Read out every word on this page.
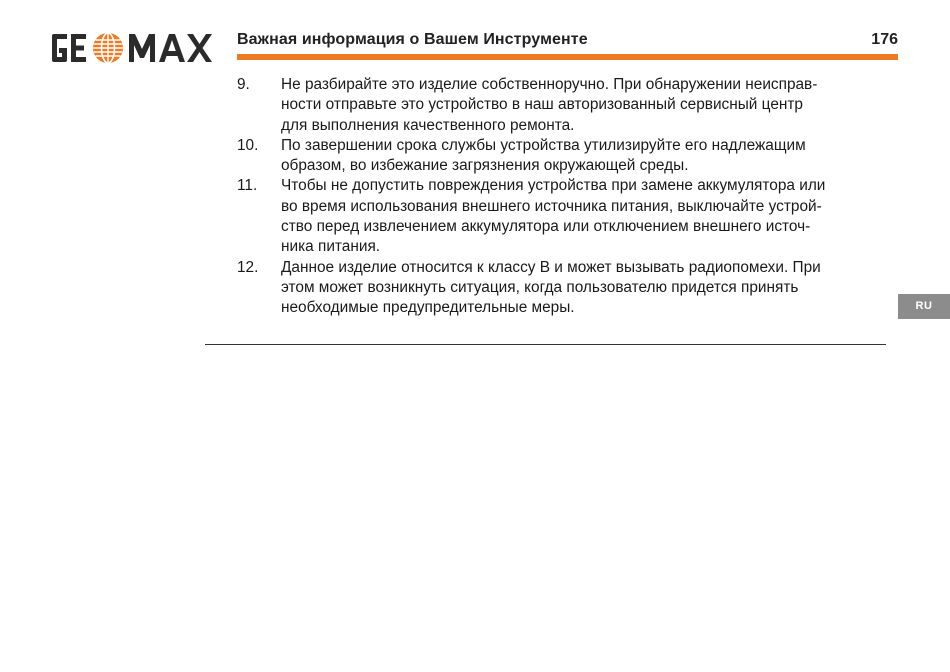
Важная информация о Вашем Инструменте	176
9.	Не разбирайте это изделие собственноручно. При обнаружении неисправ-
ности отправьте это устройство в наш авторизованный сервисный центр
для выполнения качественного ремонта.
10.	По завершении срока службы устройства утилизируйте его надлежащим
образом, во избежание загрязнения окружающей среды.
11.	Чтобы не допустить повреждения устройства при замене аккумулятора или
во время использования внешнего источника питания, выключайте устрой-
ство перед извлечением аккумулятора или отключением внешнего источ-
ника питания.
12.	Данное изделие относится к классу B и может вызывать радиопомехи. При
этом может возникнуть ситуация, когда пользователю придется принять
необходимые предупредительные меры.	RU
